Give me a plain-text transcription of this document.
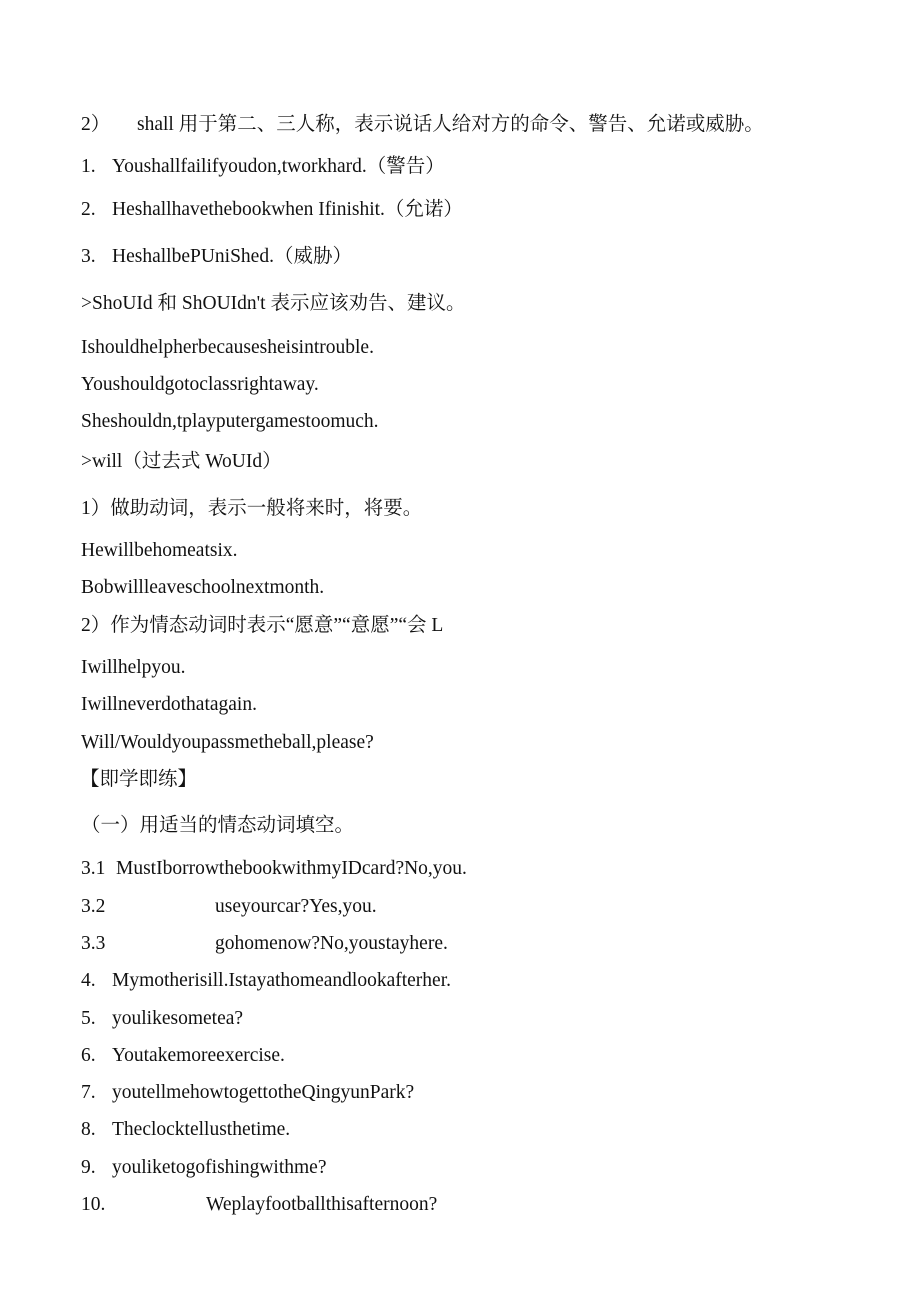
2） shall 用于第二、三人称，表示说话人给对方的命令、警告、允诺或威胁。
1. Youshallfailifyoudon,tworkhard.（警告）
2. Heshallhavethebookwhen Ifinishit.（允诺）
3. HeshallbePUniShed.（威胁）
>ShoUId 和 ShOUIdn't 表示应该劝告、建议。
Ishouldhelpherbecausesheisintrouble.
Youshouldgotoclassrightaway.
Sheshouldn,tplayputergamestoomuch.
>will（过去式 WoUId）
1）做助动词，表示一般将来时，将要。
Hewillbehomeatsix.
Bobwillleaveschoolnextmonth.
2）作为情态动词时表示“愿意”“意愿”“会 L
Iwillhelpyou.
Iwillneverdothatagain.
Will/Wouldyoupassmetheball,please?
【即学即练】
（一）用适当的情态动词填空。
3.1 MustIborrowthebookwithmyIDcard?No,you.
3.2	useyourcar?Yes,you.
3.3	gohomenow?No,youstayhere.
4. Mymotherisill.Istayathomeandlookafterher.
5. youlikesometea?
6. Youtakemoreexercise.
7. youtellmehowtogettotheQingyunPark?
8. Theclocktellusthetime.
9. youliketogofishingwithme?
10.	Weplayfootballthisafternoon?
